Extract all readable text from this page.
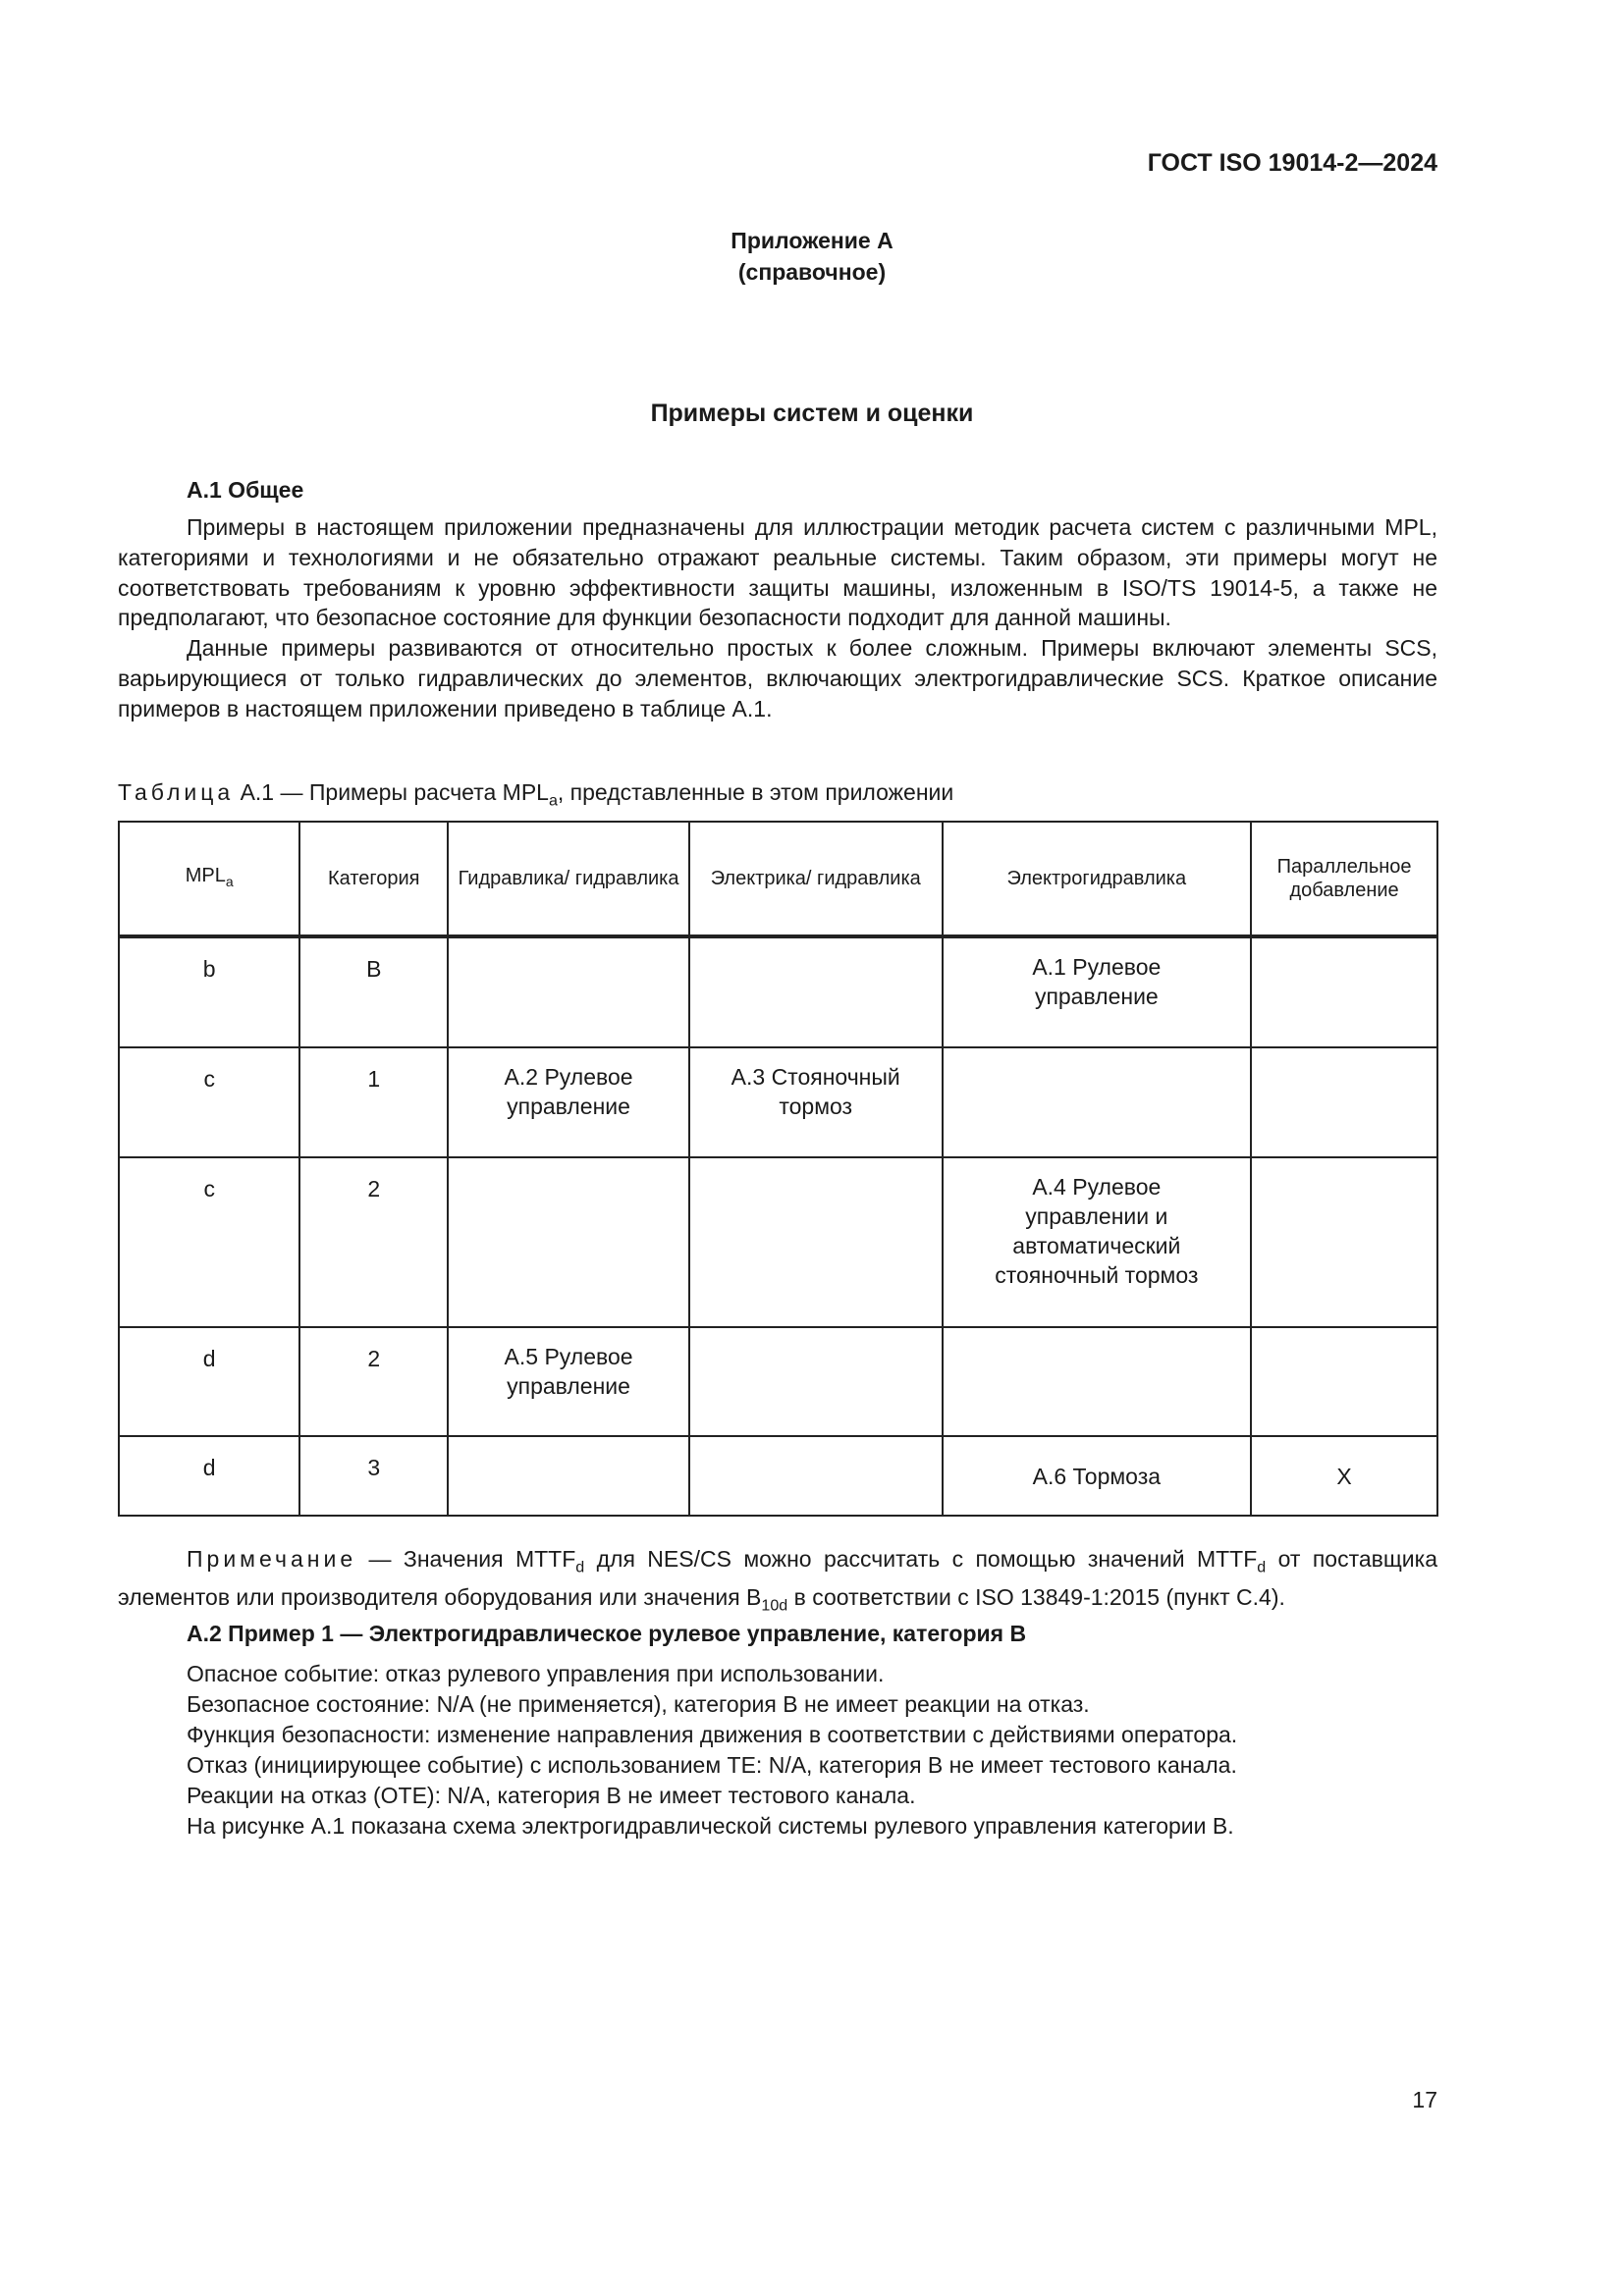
ГОСТ ISO 19014-2—2024
Приложение А
(справочное)
Примеры систем и оценки
А.1 Общее

Примеры в настоящем приложении предназначены для иллюстрации методик расчета систем с различными MPL, категориями и технологиями и не обязательно отражают реальные системы. Таким образом, эти примеры могут не соответствовать требованиям к уровню эффективности защиты машины, изложенным в ISO/TS 19014-5, а также не предполагают, что безопасное состояние для функции безопасности подходит для данной машины.

Данные примеры развиваются от относительно простых к более сложным. Примеры включают элементы SCS, варьирующиеся от только гидравлических до элементов, включающих электрогидравлические SCS. Краткое описание примеров в настоящем приложении приведено в таблице А.1.

Таблица А.1 — Примеры расчета $MPL_a$, представленные в этом приложении
$MPL_a$	Категория	Гидравлика/ гидравлика	Электрика/ гидравлика	Электрогидравлика	Параллельное добавление
b	B			А.1 Рулевое управление	
c	1	А.2 Рулевое управление	А.3 Стояночный тормоз		
c	2			А.4 Рулевое управлении и автоматический стояночный тормоз	
d	2	А.5 Рулевое управление			
d	3			А.6 Тормоза	X
Примечание — Значения $MTTF_d$ для NES/CS можно рассчитать с помощью значений $MTTF_d$ от поставщика элементов или производителя оборудования или значения $B_{10d}$ в соответствии с ISO 13849-1:2015 (пункт С.4).
А.2 Пример 1 — Электрогидравлическое рулевое управление, категория B
Опасное событие: отказ рулевого управления при использовании.
Безопасное состояние: N/A (не применяется), категория B не имеет реакции на отказ.
Функция безопасности: изменение направления движения в соответствии с действиями оператора.
Отказ (инициирующее событие) с использованием TE: N/A, категория B не имеет тестового канала.
Реакции на отказ (OTE): N/A, категория B не имеет тестового канала.
На рисунке А.1 показана схема электрогидравлической системы рулевого управления категории B.
17
